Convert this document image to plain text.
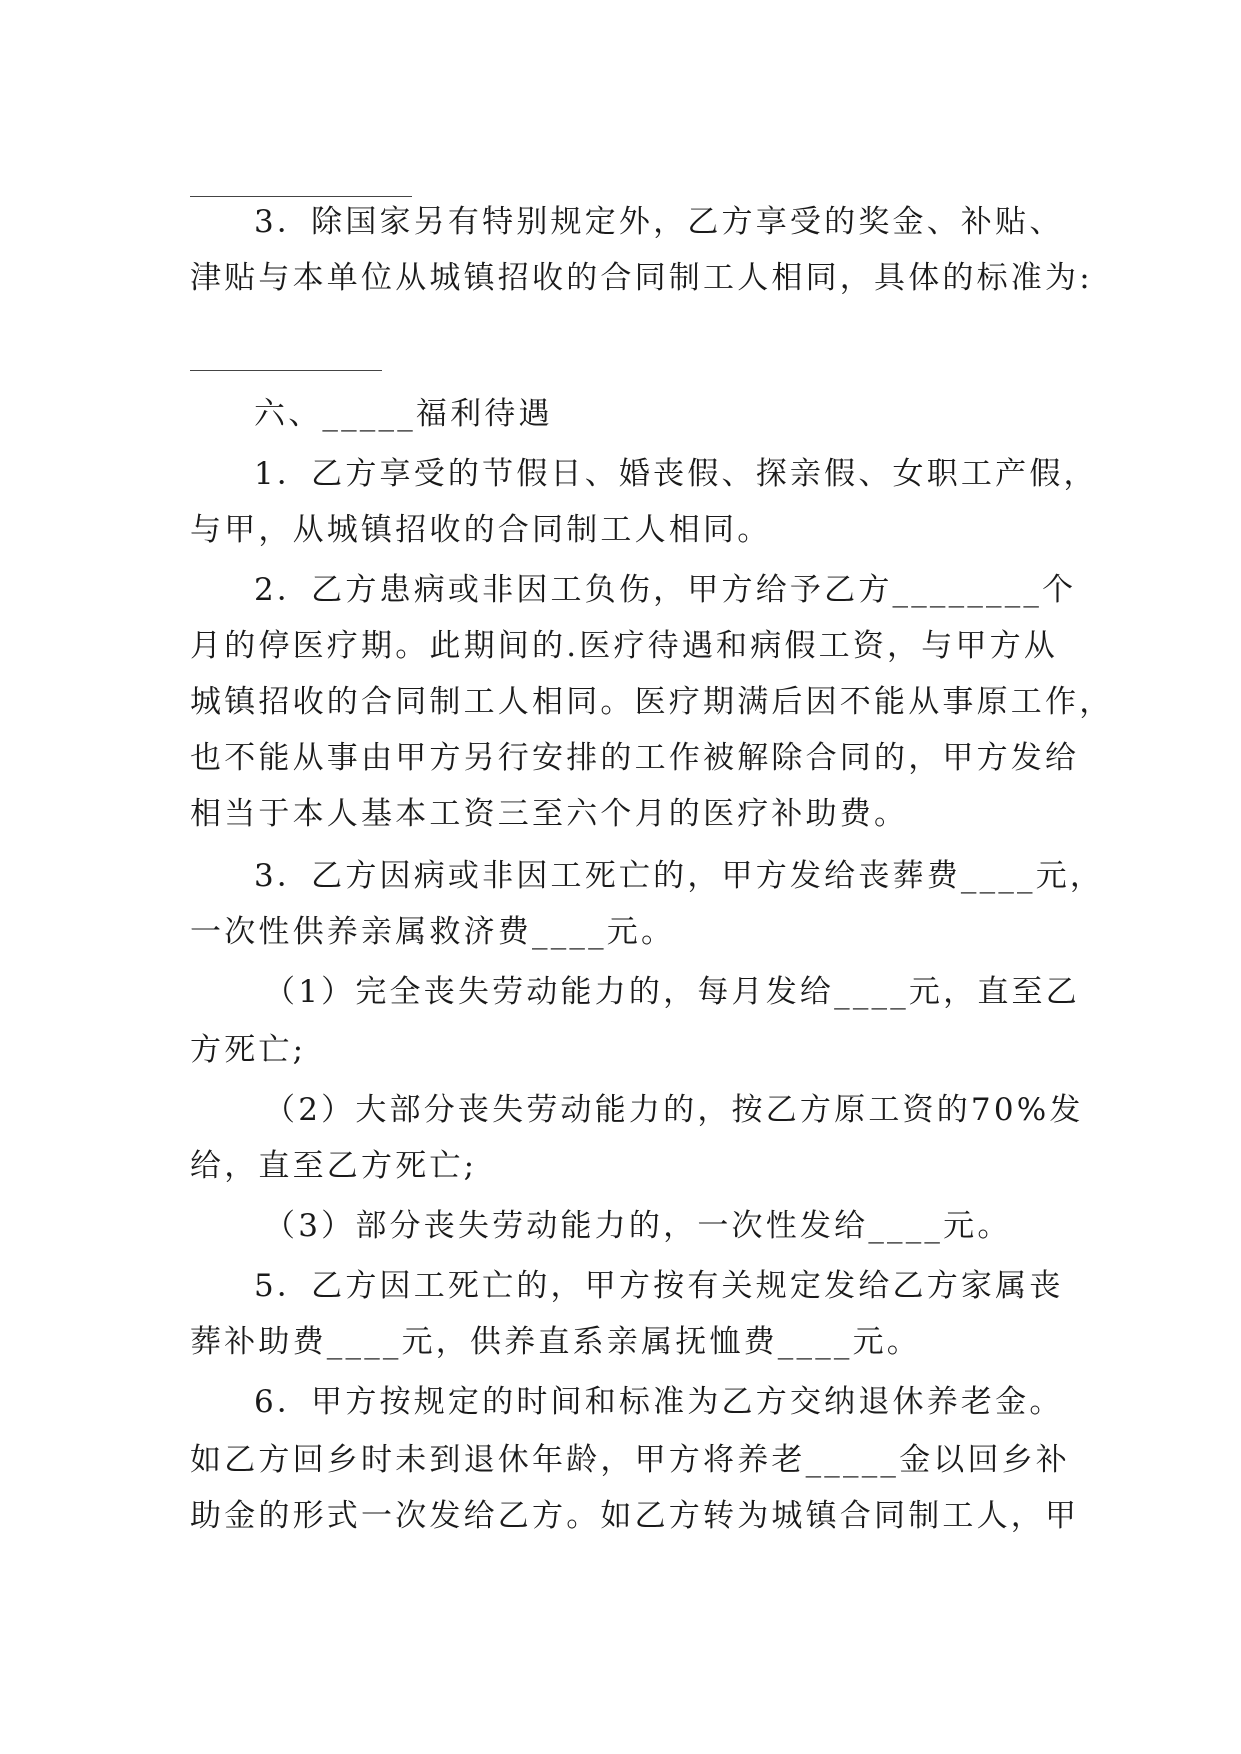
3．除国家另有特别规定外，乙方享受的奖金、补贴、
津贴与本单位从城镇招收的合同制工人相同，具体的标准为:
六、_____福利待遇
1．乙方享受的节假日、婚丧假、探亲假、女职工产假，
与甲，从城镇招收的合同制工人相同。
2．乙方患病或非因工负伤，甲方给予乙方________个
月的停医疗期。此期间的.医疗待遇和病假工资，与甲方从
城镇招收的合同制工人相同。医疗期满后因不能从事原工作，
也不能从事由甲方另行安排的工作被解除合同的，甲方发给
相当于本人基本工资三至六个月的医疗补助费。
3．乙方因病或非因工死亡的，甲方发给丧葬费____元，
一次性供养亲属救济费____元。
（1）完全丧失劳动能力的，每月发给____元，直至乙
方死亡;
（2）大部分丧失劳动能力的，按乙方原工资的70%发
给，直至乙方死亡;
（3）部分丧失劳动能力的，一次性发给____元。
5．乙方因工死亡的，甲方按有关规定发给乙方家属丧
葬补助费____元，供养直系亲属抚恤费____元。
6．甲方按规定的时间和标准为乙方交纳退休养老金。
如乙方回乡时未到退休年龄，甲方将养老_____金以回乡补
助金的形式一次发给乙方。如乙方转为城镇合同制工人，甲
